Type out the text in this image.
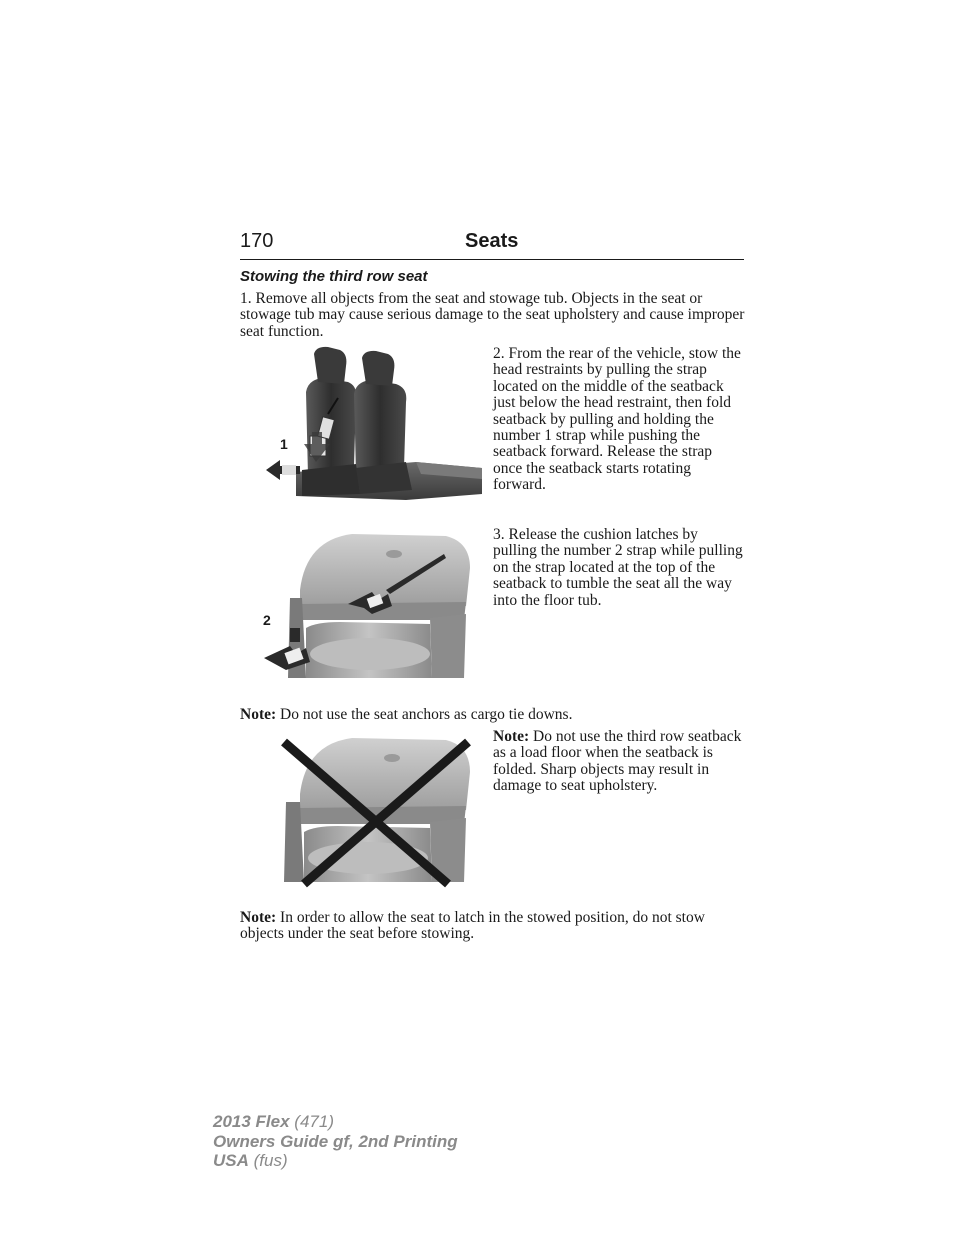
170	Seats
Stowing the third row seat
1. Remove all objects from the seat and stowage tub. Objects in the seat or stowage tub may cause serious damage to the seat upholstery and cause improper seat function.
1
2. From the rear of the vehicle, stow the head restraints by pulling the strap located on the middle of the seatback just below the head restraint, then fold seatback by pulling and holding the number 1 strap while pushing the seatback forward. Release the strap once the seatback starts rotating forward.
2
3. Release the cushion latches by pulling the number 2 strap while pulling on the strap located at the top of the seatback to tumble the seat all the way into the floor tub.
Note: Do not use the seat anchors as cargo tie downs.
Note: Do not use the third row seatback as a load floor when the seatback is folded. Sharp objects may result in damage to seat upholstery.
Note: In order to allow the seat to latch in the stowed position, do not stow objects under the seat before stowing.
2013 Flex (471)
Owners Guide gf, 2nd Printing
USA (fus)
